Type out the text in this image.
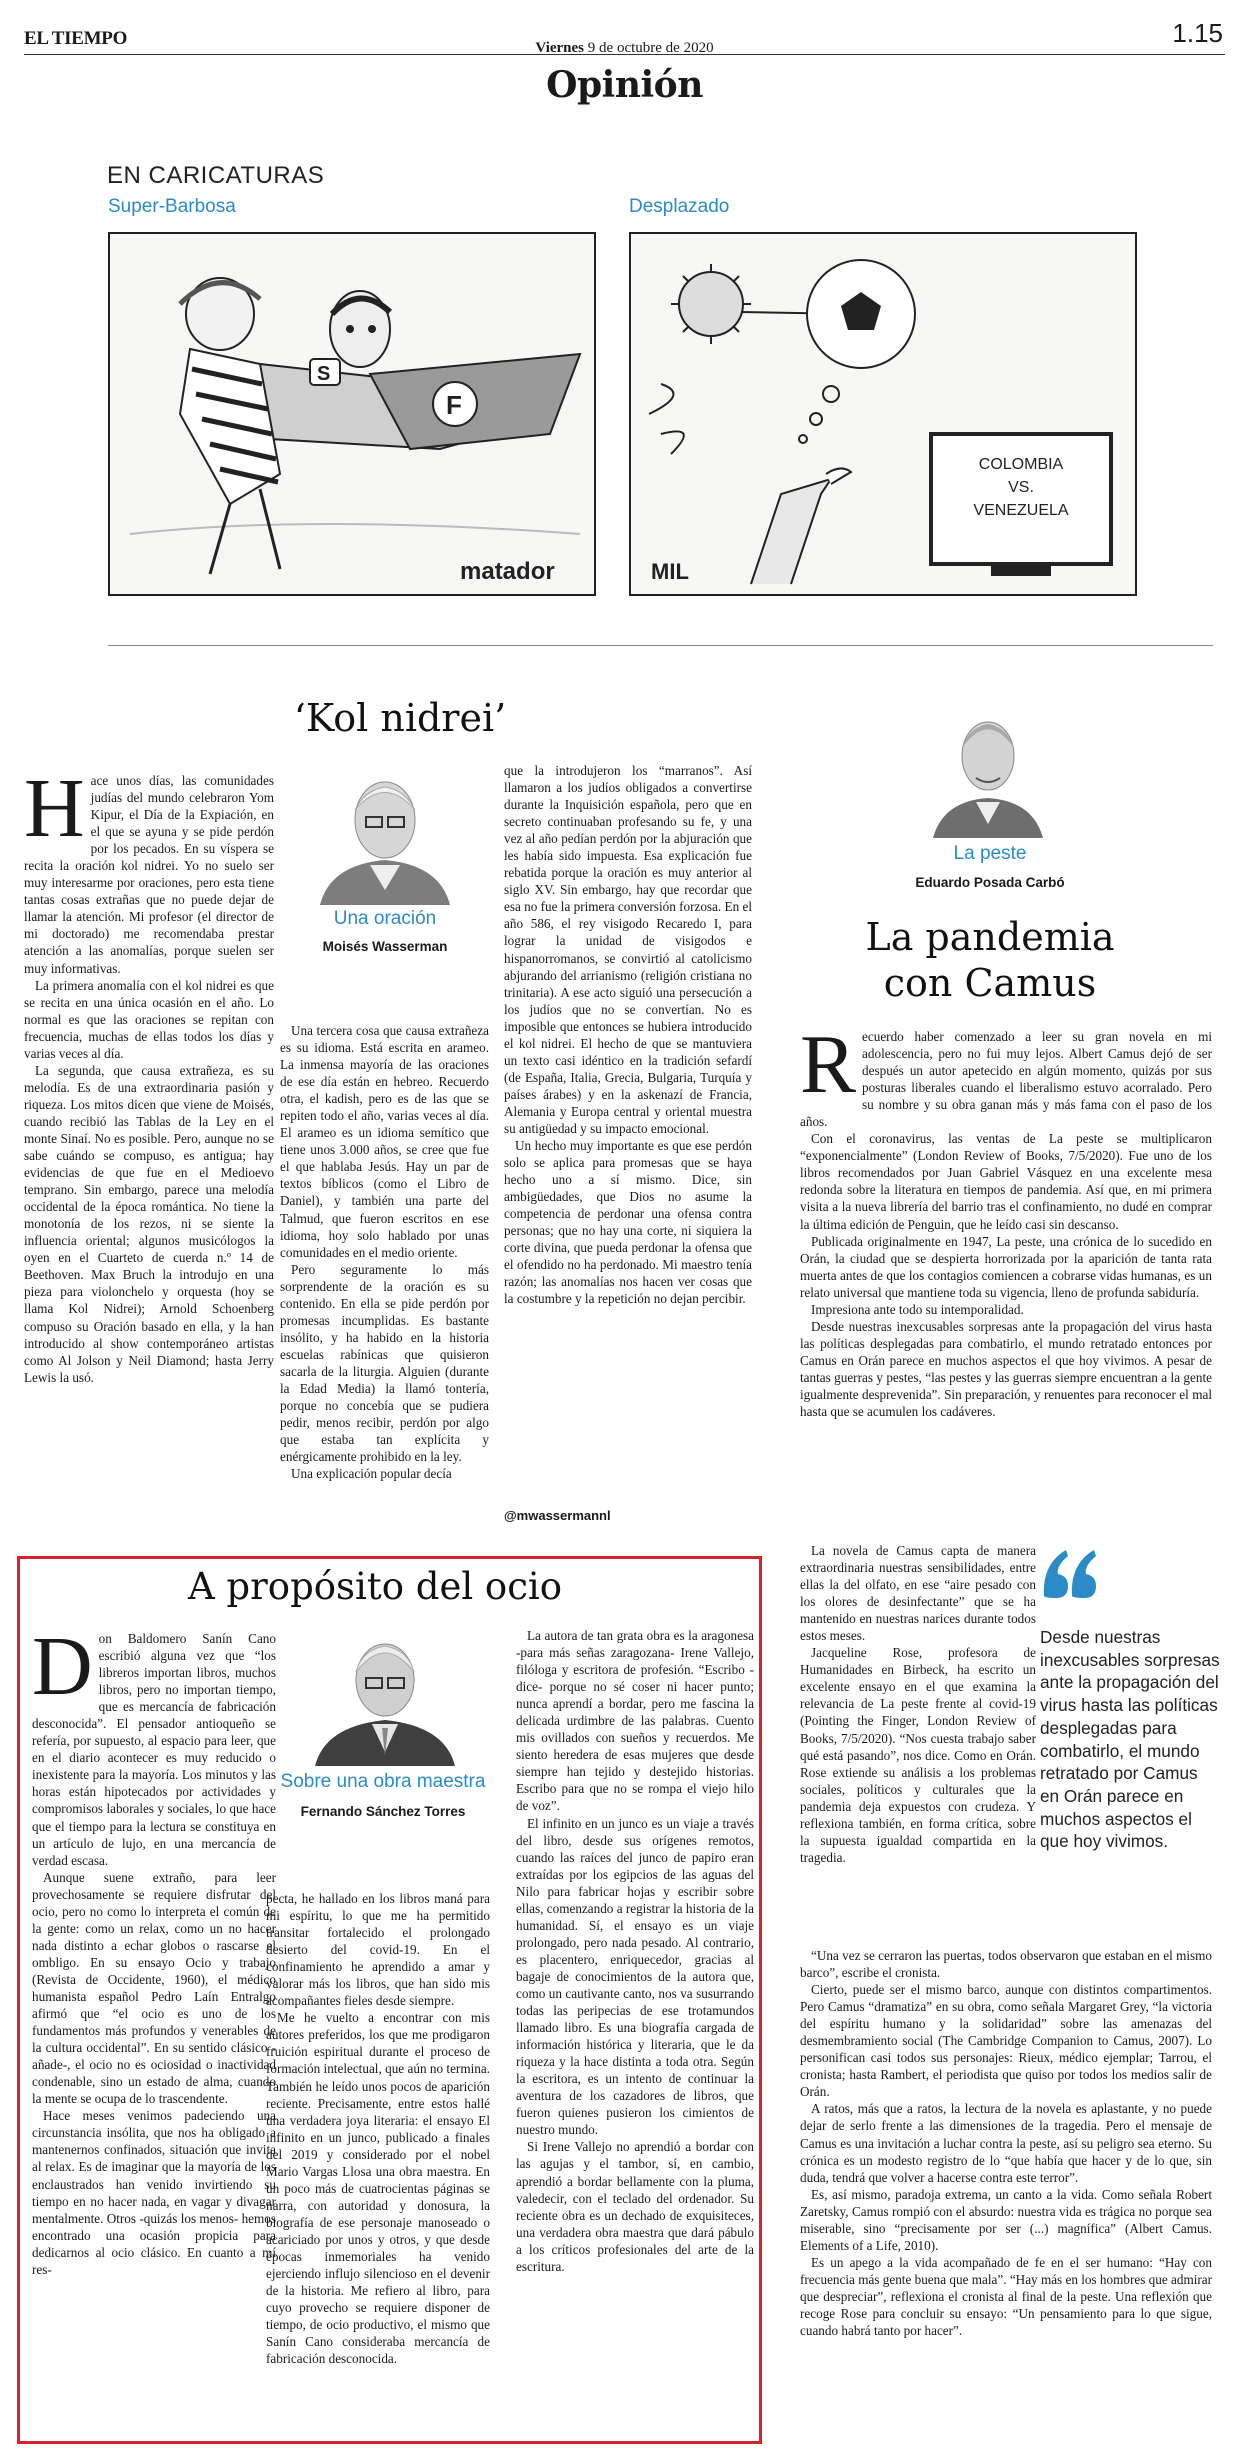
EL TIEMPO	Viernes 9 de octubre de 2020	1.15
Opinión
EN CARICATURAS
Super-Barbosa	Desplazado
F
S
matador
COLOMBIA
VS.
VENEZUELA
MIL
‘Kol nidrei’

Hace unos días, las comunidades judías del mundo celebraron Yom Kipur, el Día de la Expiación, en el que se ayuna y se pide perdón por los pecados. En su víspera se recita la oración kol nidrei. Yo no suelo ser muy interesarme por oraciones, pero esta tiene tantas cosas extrañas que no puede dejar de llamar la atención. Mi profesor (el director de mi doctorado) me recomendaba prestar atención a las anomalías, porque suelen ser muy informativas.

La primera anomalía con el kol nidrei es que se recita en una única ocasión en el año. Lo normal es que las oraciones se repitan con frecuencia, muchas de ellas todos los días y varias veces al día.

La segunda, que causa extrañeza, es su melodía. Es de una extraordinaria pasión y riqueza. Los mitos dicen que viene de Moisés, cuando recibió las Tablas de la Ley en el monte Sinaí. No es posible. Pero, aunque no se sabe cuándo se compuso, es antigua; hay evidencias de que fue en el Medioevo temprano. Sin embargo, parece una melodía occidental de la época romántica. No tiene la monotonía de los rezos, ni se siente la influencia oriental; algunos musicólogos la oyen en el Cuarteto de cuerda n.º 14 de Beethoven. Max Bruch la introdujo en una pieza para violonchelo y orquesta (hoy se llama Kol Nidrei); Arnold Schoenberg compuso su Oración basado en ella, y la han introducido al show contemporáneo artistas como Al Jolson y Neil Diamond; hasta Jerry Lewis la usó.

Una oración
Moisés Wasserman

Una tercera cosa que causa extrañeza es su idioma. Está escrita en arameo. La inmensa mayoría de las oraciones de ese día están en hebreo. Recuerdo otra, el kadish, pero es de las que se repiten todo el año, varias veces al día. El arameo es un idioma semítico que tiene unos 3.000 años, se cree que fue el que hablaba Jesús. Hay un par de textos bíblicos (como el Libro de Daniel), y también una parte del Talmud, que fueron escritos en ese idioma, hoy solo hablado por unas comunidades en el medio oriente.

Pero seguramente lo más sorprendente de la oración es su contenido. En ella se pide perdón por promesas incumplidas. Es bastante insólito, y ha habido en la historia escuelas rabínicas que quisieron sacarla de la liturgia. Alguien (durante la Edad Media) la llamó tontería, porque no concebía que se pudiera pedir, menos recibir, perdón por algo que estaba tan explícita y enérgicamente prohibido en la ley.

Una explicación popular decía

que la introdujeron los “marranos”. Así llamaron a los judíos obligados a convertirse durante la Inquisición española, pero que en secreto continuaban profesando su fe, y una vez al año pedían perdón por la abjuración que les había sido impuesta. Esa explicación fue rebatida porque la oración es muy anterior al siglo XV. Sin embargo, hay que recordar que esa no fue la primera conversión forzosa. En el año 586, el rey visigodo Recaredo I, para lograr la unidad de visigodos e hispanorromanos, se convirtió al catolicismo abjurando del arrianismo (religión cristiana no trinitaria). A ese acto siguió una persecución a los judíos que no se convertían. No es imposible que entonces se hubiera introducido el kol nidrei. El hecho de que se mantuviera un texto casi idéntico en la tradición sefardí (de España, Italia, Grecia, Bulgaria, Turquía y países árabes) y en la askenazí de Francia, Alemania y Europa central y oriental muestra su antigüedad y su impacto emocional.

Un hecho muy importante es que ese perdón solo se aplica para promesas que se haya hecho uno a sí mismo. Dice, sin ambigüedades, que Dios no asume la competencia de perdonar una ofensa contra personas; que no hay una corte, ni siquiera la corte divina, que pueda perdonar la ofensa que el ofendido no ha perdonado. Mi maestro tenía razón; las anomalías nos hacen ver cosas que la costumbre y la repetición no dejan percibir.

@mwassermannl
La peste
Eduardo Posada Carbó
La pandemia
con Camus

Recuerdo haber comenzado a leer su gran novela en mi adolescencia, pero no fui muy lejos. Albert Camus dejó de ser después un autor apetecido en algún momento, quizás por sus posturas liberales cuando el liberalismo estuvo acorralado. Pero su nombre y su obra ganan más y más fama con el paso de los años.

Con el coronavirus, las ventas de La peste se multiplicaron “exponencialmente” (London Review of Books, 7/5/2020). Fue uno de los libros recomendados por Juan Gabriel Vásquez en una excelente mesa redonda sobre la literatura en tiempos de pandemia. Así que, en mi primera visita a la nueva librería del barrio tras el confinamiento, no dudé en comprar la última edición de Penguin, que he leído casi sin descanso.

Publicada originalmente en 1947, La peste, una crónica de lo sucedido en Orán, la ciudad que se despierta horrorizada por la aparición de tanta rata muerta antes de que los contagios comiencen a cobrarse vidas humanas, es un relato universal que mantiene toda su vigencia, lleno de profunda sabiduría.

Impresiona ante todo su intemporalidad.

Desde nuestras inexcusables sorpresas ante la propagación del virus hasta las políticas desplegadas para combatirlo, el mundo retratado entonces por Camus en Orán parece en muchos aspectos el que hoy vivimos. A pesar de tantas guerras y pestes, “las pestes y las guerras siempre encuentran a la gente igualmente desprevenida”. Sin preparación, y renuentes para reconocer el mal hasta que se acumulen los cadáveres.

La novela de Camus capta de manera extraordinaria nuestras sensibilidades, entre ellas la del olfato, en ese “aire pesado con los olores de desinfectante” que se ha mantenido en nuestras narices durante todos estos meses.

Jacqueline Rose, profesora de Humanidades en Birbeck, ha escrito un excelente ensayo en el que examina la relevancia de La peste frente al covid-19 (Pointing the Finger, London Review of Books, 7/5/2020). “Nos cuesta trabajo saber qué está pasando”, nos dice. Como en Orán. Rose extiende su análisis a los problemas sociales, políticos y culturales que la pandemia deja expuestos con crudeza. Y reflexiona también, en forma crítica, sobre la supuesta igualdad compartida en la tragedia.

Desde nuestras inexcusables sorpresas ante la propagación del virus hasta las políticas desplegadas para combatirlo, el mundo retratado por Camus en Orán parece en muchos aspectos el que hoy vivimos.

“Una vez se cerraron las puertas, todos observaron que estaban en el mismo barco”, escribe el cronista.

Cierto, puede ser el mismo barco, aunque con distintos compartimentos. Pero Camus “dramatiza” en su obra, como señala Margaret Grey, “la victoria del espíritu humano y la solidaridad” sobre las amenazas del desmembramiento social (The Cambridge Companion to Camus, 2007). Lo personifican casi todos sus personajes: Rieux, médico ejemplar; Tarrou, el cronista; hasta Rambert, el periodista que quiso por todos los medios salir de Orán.

A ratos, más que a ratos, la lectura de la novela es aplastante, y no puede dejar de serlo frente a las dimensiones de la tragedia. Pero el mensaje de Camus es una invitación a luchar contra la peste, así su peligro sea eterno. Su crónica es un modesto registro de lo “que había que hacer y de lo que, sin duda, tendrá que volver a hacerse contra este terror”.

Es, así mismo, paradoja extrema, un canto a la vida. Como señala Robert Zaretsky, Camus rompió con el absurdo: nuestra vida es trágica no porque sea miserable, sino “precisamente por ser (...) magnífica” (Albert Camus. Elements of a Life, 2010).

Es un apego a la vida acompañado de fe en el ser humano: “Hay con frecuencia más gente buena que mala”. “Hay más en los hombres que admirar que despreciar”, reflexiona el cronista al final de la peste. Una reflexión que recoge Rose para concluir su ensayo: “Un pensamiento para lo que sigue, cuando habrá tanto por hacer”.

A propósito del ocio

Don Baldomero Sanín Cano escribió alguna vez que “los libreros importan libros, muchos libros, pero no importan tiempo, que es mercancía de fabricación desconocida”. El pensador antioqueño se refería, por supuesto, al espacio para leer, que en el diario acontecer es muy reducido o inexistente para la mayoría. Los minutos y las horas están hipotecados por actividades y compromisos laborales y sociales, lo que hace que el tiempo para la lectura se constituya en un artículo de lujo, en una mercancía de verdad escasa.

Aunque suene extraño, para leer provechosamente se requiere disfrutar del ocio, pero no como lo interpreta el común de la gente: como un relax, como un no hacer nada distinto a echar globos o rascarse el ombligo. En su ensayo Ocio y trabajo (Revista de Occidente, 1960), el médico humanista español Pedro Laín Entralgo afirmó que “el ocio es uno de los fundamentos más profundos y venerables de la cultura occidental”. En su sentido clásico -añade-, el ocio no es ociosidad o inactividad condenable, sino un estado de alma, cuando la mente se ocupa de lo trascendente.

Hace meses venimos padeciendo una circunstancia insólita, que nos ha obligado a mantenernos confinados, situación que invita al relax. Es de imaginar que la mayoría de los enclaustrados han venido invirtiendo su tiempo en no hacer nada, en vagar y divagar mentalmente. Otros -quizás los menos- hemos encontrado una ocasión propicia para dedicarnos al ocio clásico. En cuanto a mí res-

Sobre una obra maestra
Fernando Sánchez Torres

pecta, he hallado en los libros maná para mi espíritu, lo que me ha permitido transitar fortalecido el prolongado desierto del covid-19. En el confinamiento he aprendido a amar y valorar más los libros, que han sido mis acompañantes fieles desde siempre.

Me he vuelto a encontrar con mis autores preferidos, los que me prodigaron fruición espiritual durante el proceso de formación intelectual, que aún no termina. También he leído unos pocos de aparición reciente. Precisamente, entre estos hallé una verdadera joya literaria: el ensayo El infinito en un junco, publicado a finales del 2019 y considerado por el nobel Mario Vargas Llosa una obra maestra. En un poco más de cuatrocientas páginas se narra, con autoridad y donosura, la biografía de ese personaje manoseado o acariciado por unos y otros, y que desde épocas inmemoriales ha venido ejerciendo influjo silencioso en el devenir de la historia. Me refiero al libro, para cuyo provecho se requiere disponer de tiempo, de ocio productivo, el mismo que Sanín Cano consideraba mercancía de fabricación desconocida.

La autora de tan grata obra es la aragonesa -para más señas zaragozana- Irene Vallejo, filóloga y escritora de profesión. “Escribo -dice- porque no sé coser ni hacer punto; nunca aprendí a bordar, pero me fascina la delicada urdimbre de las palabras. Cuento mis ovillados con sueños y recuerdos. Me siento heredera de esas mujeres que desde siempre han tejido y destejido historias. Escribo para que no se rompa el viejo hilo de voz”.

El infinito en un junco es un viaje a través del libro, desde sus orígenes remotos, cuando las raíces del junco de papiro eran extraídas por los egipcios de las aguas del Nilo para fabricar hojas y escribir sobre ellas, comenzando a registrar la historia de la humanidad. Sí, el ensayo es un viaje prolongado, pero nada pesado. Al contrario, es placentero, enriquecedor, gracias al bagaje de conocimientos de la autora que, como un cautivante canto, nos va susurrando todas las peripecias de ese trotamundos llamado libro. Es una biografía cargada de información histórica y literaria, que le da riqueza y la hace distinta a toda otra. Según la escritora, es un intento de continuar la aventura de los cazadores de libros, que fueron quienes pusieron los cimientos de nuestro mundo.

Si Irene Vallejo no aprendió a bordar con las agujas y el tambor, sí, en cambio, aprendió a bordar bellamente con la pluma, valedecir, con el teclado del ordenador. Su reciente obra es un dechado de exquisiteces, una verdadera obra maestra que dará pábulo a los críticos profesionales del arte de la escritura.
